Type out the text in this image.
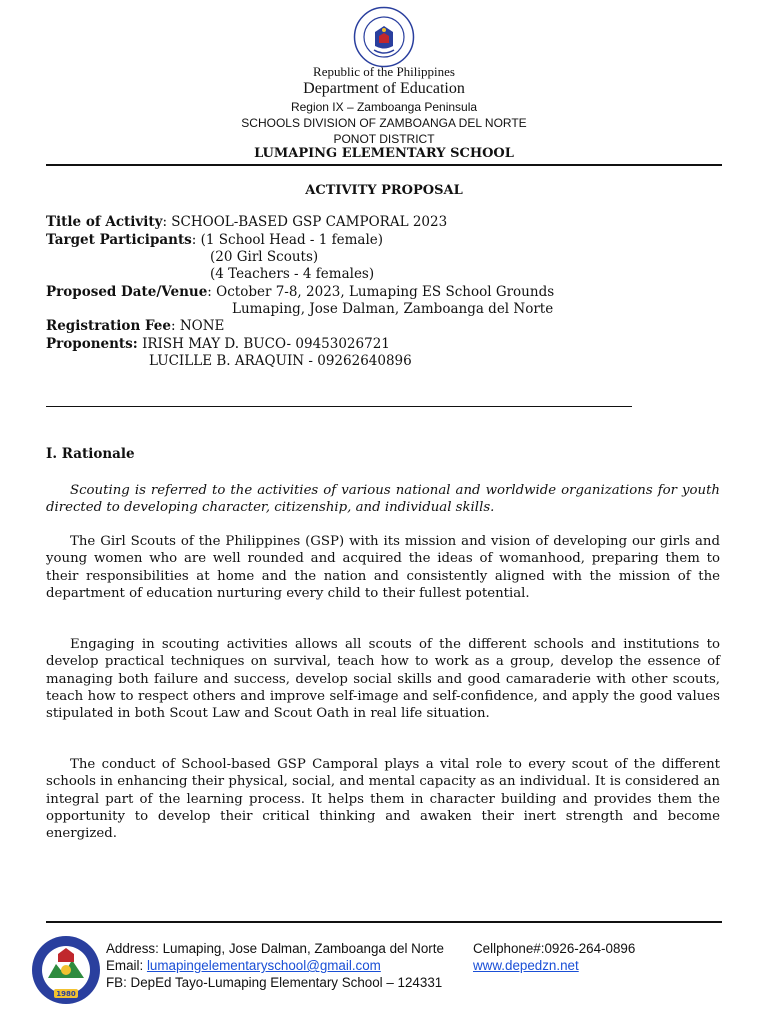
Republic of the Philippines
Department of Education
Region IX – Zamboanga Peninsula
SCHOOLS DIVISION OF ZAMBOANGA DEL NORTE
PONOT DISTRICT
LUMAPING ELEMENTARY SCHOOL
ACTIVITY PROPOSAL
Title of Activity: SCHOOL-BASED GSP CAMPORAL 2023
Target Participants: (1 School Head - 1 female)
(20 Girl Scouts)
(4 Teachers - 4 females)
Proposed Date/Venue: October 7-8, 2023, Lumaping ES School Grounds
Lumaping, Jose Dalman, Zamboanga del Norte
Registration Fee: NONE
Proponents: IRISH MAY D. BUCO- 09453026721
LUCILLE B. ARAQUIN - 09262640896
I. Rationale

Scouting is referred to the activities of various national and worldwide organizations for youth directed to developing character, citizenship, and individual skills.

The Girl Scouts of the Philippines (GSP) with its mission and vision of developing our girls and young women who are well rounded and acquired the ideas of womanhood, preparing them to their responsibilities at home and the nation and consistently aligned with the mission of the department of education nurturing every child to their fullest potential.

Engaging in scouting activities allows all scouts of the different schools and institutions to develop practical techniques on survival, teach how to work as a group, develop the essence of managing both failure and success, develop social skills and good camaraderie with other scouts, teach how to respect others and improve self-image and self-confidence, and apply the good values stipulated in both Scout Law and Scout Oath in real life situation.

The conduct of School-based GSP Camporal plays a vital role to every scout of the different schools in enhancing their physical, social, and mental capacity as an individual. It is considered an integral part of the learning process. It helps them in character building and provides them the opportunity to develop their critical thinking and awaken their inert strength and become energized.

1980
Address: Lumaping, Jose Dalman, Zamboanga del Norte
Email: lumapingelementaryschool@gmail.com
FB: DepEd Tayo-Lumaping Elementary School – 124331
Cellphone#:0926-264-0896
www.depedzn.net
